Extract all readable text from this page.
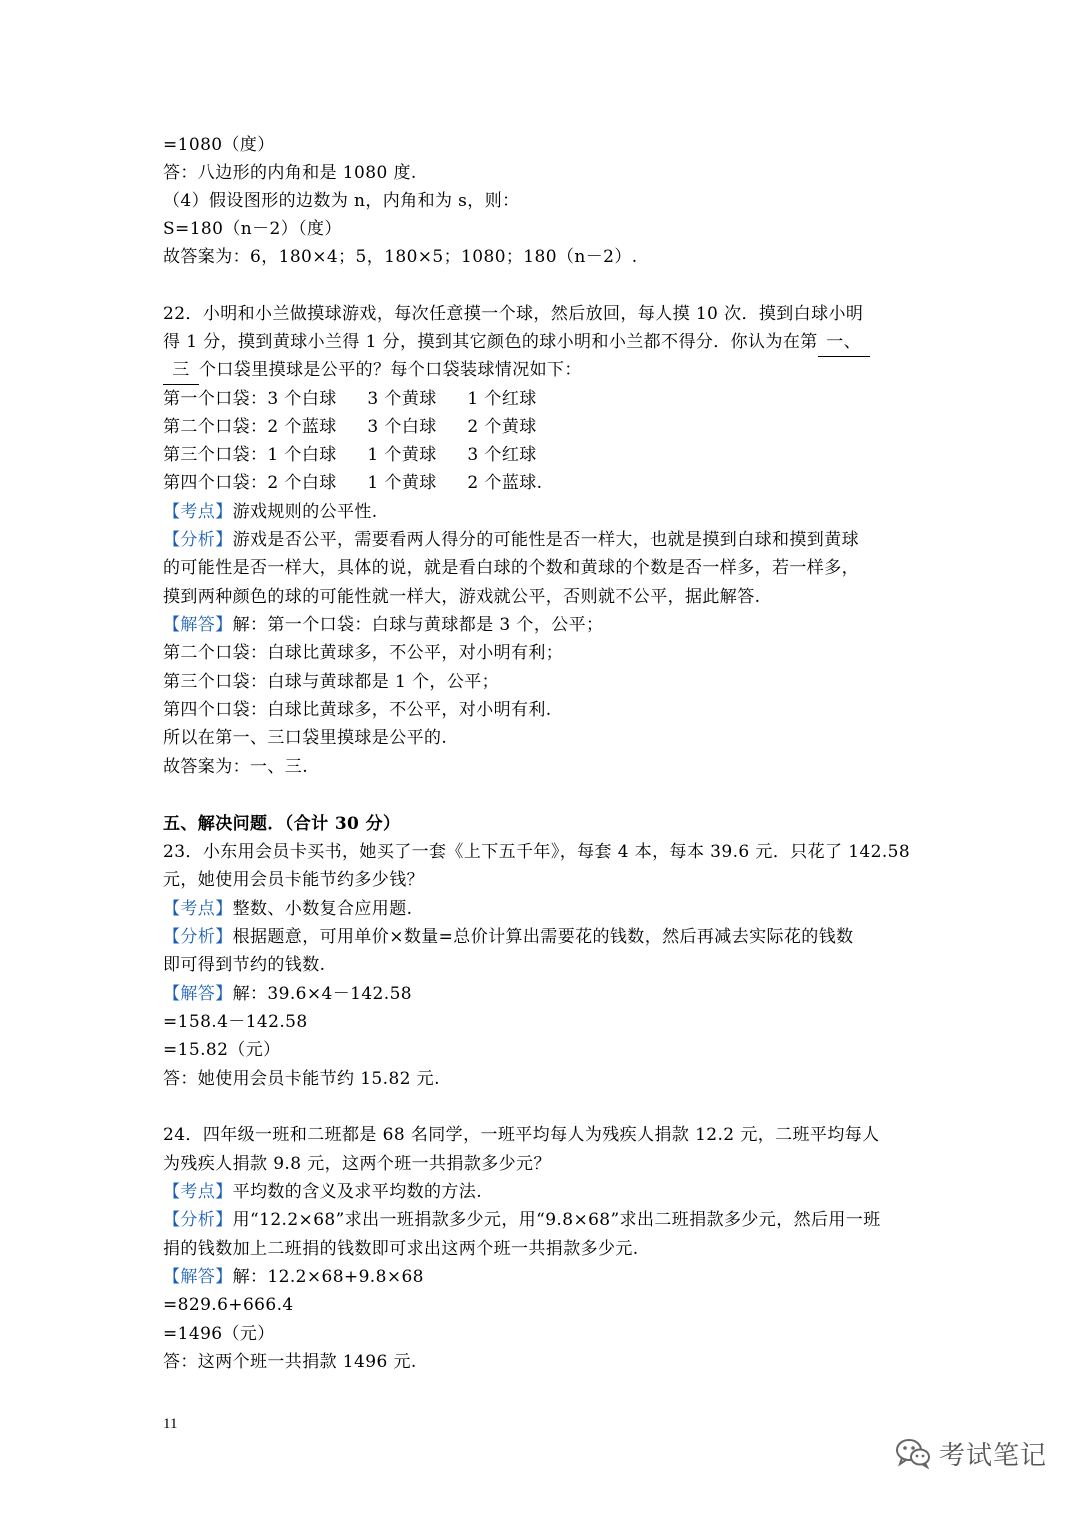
=1080（度）
答：八边形的内角和是 1080 度.
（4）假设图形的边数为 n，内角和为 s，则：
S=180（n－2）（度）
故答案为：6，180×4；5，180×5；1080；180（n－2）.
22．小明和小兰做摸球游戏，每次任意摸一个球，然后放回，每人摸 10 次．摸到白球小明
得 1 分，摸到黄球小兰得 1 分，摸到其它颜色的球小明和小兰都不得分．你认为在第 一、
三 个口袋里摸球是公平的？每个口袋装球情况如下：
第一个口袋：3 个白球 3 个黄球 1 个红球
第二个口袋：2 个蓝球 3 个白球 2 个黄球
第三个口袋：1 个白球 1 个黄球 3 个红球
第四个口袋：2 个白球 1 个黄球 2 个蓝球.
【考点】游戏规则的公平性.
【分析】游戏是否公平，需要看两人得分的可能性是否一样大，也就是摸到白球和摸到黄球
的可能性是否一样大，具体的说，就是看白球的个数和黄球的个数是否一样多，若一样多，
摸到两种颜色的球的可能性就一样大，游戏就公平，否则就不公平，据此解答.
【解答】解：第一个口袋：白球与黄球都是 3 个，公平；
第二个口袋：白球比黄球多，不公平，对小明有利；
第三个口袋：白球与黄球都是 1 个，公平；
第四个口袋：白球比黄球多，不公平，对小明有利.
所以在第一、三口袋里摸球是公平的.
故答案为：一、三.
五、解决问题．（合计 30 分）
23．小东用会员卡买书，她买了一套《上下五千年》，每套 4 本，每本 39.6 元．只花了 142.58
元，她使用会员卡能节约多少钱？
【考点】整数、小数复合应用题.
【分析】根据题意，可用单价×数量=总价计算出需要花的钱数，然后再减去实际花的钱数
即可得到节约的钱数.
【解答】解：39.6×4－142.58
=158.4－142.58
=15.82（元）
答：她使用会员卡能节约 15.82 元.
24．四年级一班和二班都是 68 名同学，一班平均每人为残疾人捐款 12.2 元，二班平均每人
为残疾人捐款 9.8 元，这两个班一共捐款多少元？
【考点】平均数的含义及求平均数的方法.
【分析】用“12.2×68”求出一班捐款多少元，用“9.8×68”求出二班捐款多少元，然后用一班
捐的钱数加上二班捐的钱数即可求出这两个班一共捐款多少元.
【解答】解：12.2×68+9.8×68
=829.6+666.4
=1496（元）
答：这两个班一共捐款 1496 元.
11
考试笔记
